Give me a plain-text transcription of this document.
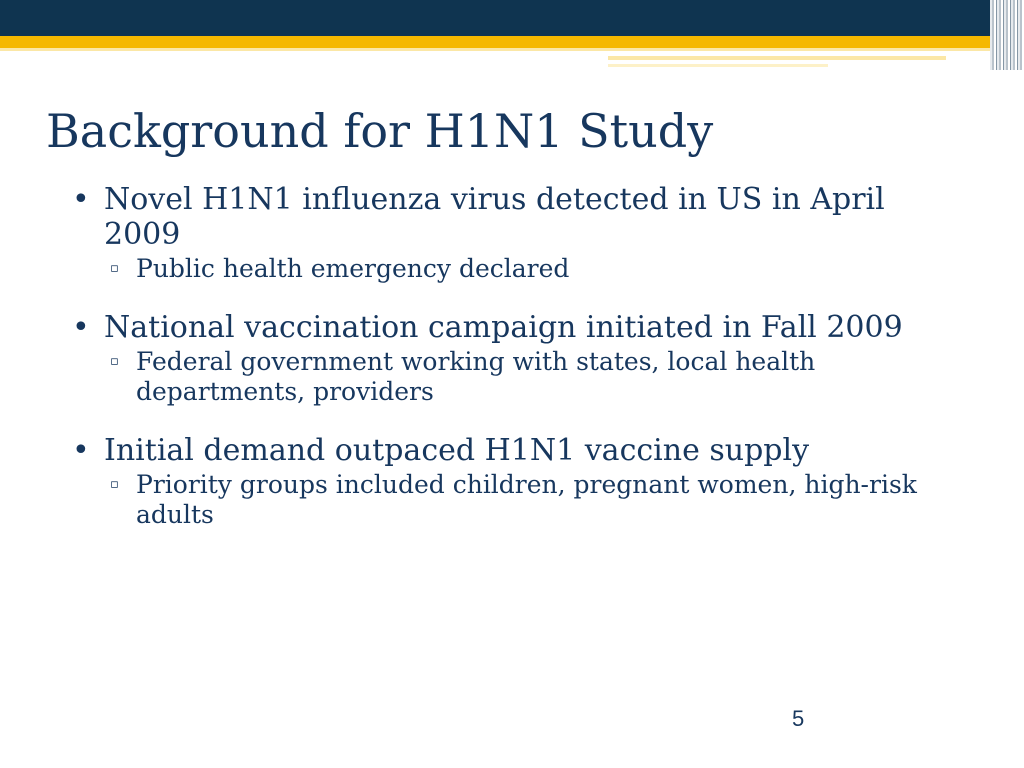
Background for H1N1 Study
• Novel H1N1 influenza virus detected in US in April 2009
▫ Public health emergency declared
• National vaccination campaign initiated in Fall 2009
▫ Federal government working with states, local health departments, providers
• Initial demand outpaced H1N1 vaccine supply
▫ Priority groups included children, pregnant women, high-risk adults
5
